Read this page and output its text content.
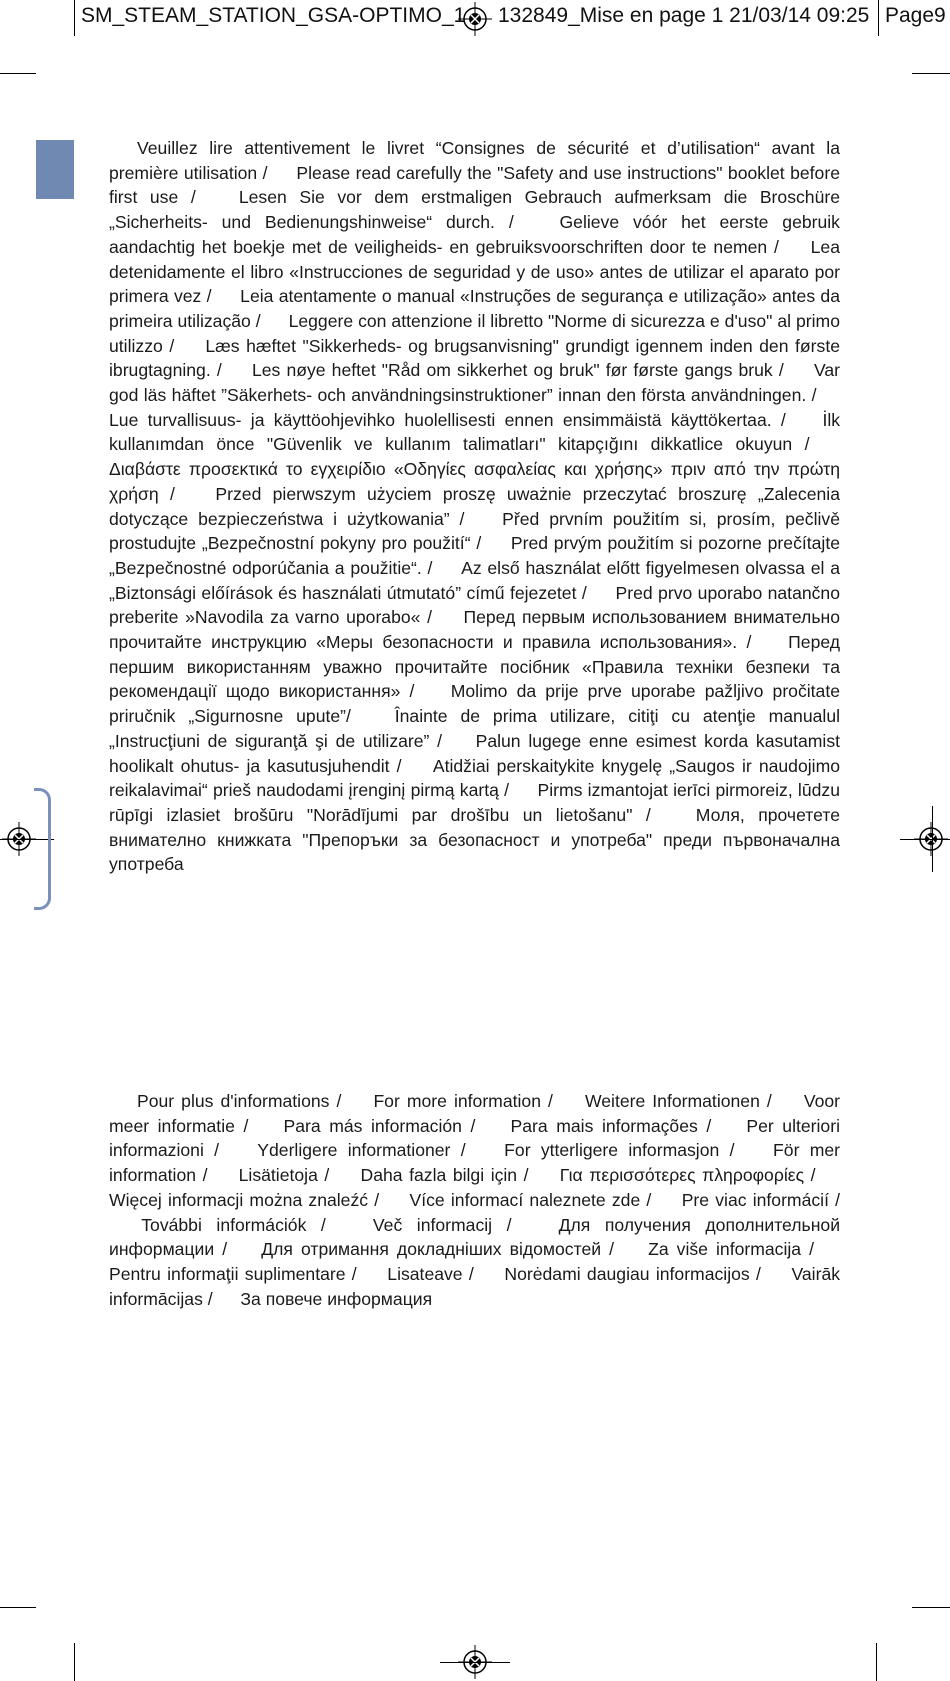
SM_STEAM_STATION_GSA-OPTIMO_1 132849_Mise en page 1 21/03/14 09:25 Page9
Veuillez lire attentivement le livret “Consignes de sécurité et d’utilisation“ avant la première utilisation / Please read carefully the "Safety and use instructions" booklet before first use / Lesen Sie vor dem erstmaligen Gebrauch aufmerksam die Broschüre „Sicherheits- und Bedienungshinweise“ durch. /	Gelieve vóór het eerste gebruik aandachtig het boekje met de veiligheids- en gebruiksvoorschriften door te nemen / Lea detenidamente el libro «Instrucciones de seguridad y de uso» antes de utilizar el aparato por primera vez / Leia atentamente o manual «Instruções de segurança e utilização» antes da primeira utilização / Leggere con attenzione il libretto "Norme di sicurezza e d'uso" al primo utilizzo / Læs hæftet "Sikkerheds- og brugsanvisning" grundigt igennem inden den første ibrugtagning. / Les nøye heftet "Råd om sikkerhet og bruk" før første gangs bruk / Var god läs häftet ”Säkerhets- och användningsinstruktioner” innan den första användningen. /  Lue turvallisuus- ja käyttöohjevihko huolellisesti ennen ensimmäistä käyttökertaa. / İlk kullanımdan önce "Güvenlik ve kullanım talimatları" kitapçığını dikkatlice okuyun /  Διαβάστε προσεκτικά το εγχειρίδιο «Οδηγίες ασφαλείας και χρήσης» πριν από την πρώτη χρήση / Przed pierwszym użyciem proszę uważnie przeczytać broszurę „Zalecenia dotyczące bezpieczeństwa i użytkowania” / Před prvním použitím si, prosím, pečlivě prostudujte „Bezpečnostní pokyny pro použití“ / Pred prvým použitím si pozorne prečítajte „Bezpečnostné odporúčania a použitie“. / Az első használat előtt figyelmesen olvassa el a „Biztonsági előírások és használati útmutató” című fejezetet / Pred prvo uporabo natančno preberite »Navodila za varno uporabo« / Перед первым использованием внимательно прочитайте инструкцию «Меры безопасности и правила использования». / Перед першим використанням уважно прочитайте посібник «Правила техніки безпеки та рекомендації щодо використання» / Molimo da prije prve uporabe pažljivo pročitate priručnik „Sigurnosne upute”/ Înainte de prima utilizare, citiţi cu atenţie manualul „Instrucţiuni de siguranţă şi de utilizare” / Palun lugege enne esimest korda kasutamist hoolikalt ohutus- ja kasutusjuhendit / Atidžiai perskaitykite knygelę „Saugos ir naudojimo reikalavimai“ prieš naudodami įrenginį pirmą kartą / Pirms izmantojat ierīci pirmoreiz, lūdzu rūpīgi izlasiet brošūru "Norādījumi par drošību un lietošanu" /	Моля, прочетете внимателно книжката "Препоръки за безопасност и употреба" преди първоначална употреба
Pour plus d'informations / For more information / Weitere Informationen / Voor meer informatie / Para más información / Para mais informações / Per ulteriori informazioni / Yderligere informationer / For ytterligere informasjon / För mer information / Lisätietoja / Daha fazla bilgi için / Για περισσότερες πληροφορίες /  Więcej informacji można znaleźć / Více informací naleznete zde / Pre viac informácií /  További információk /	Več informacij /	Для получения дополнительной информации / Для отримання докладніших відомостей / Za više informacija /  Pentru informaţii suplimentare / Lisateave / Norėdami daugiau informacijos / Vairāk informācijas / За повече информация
